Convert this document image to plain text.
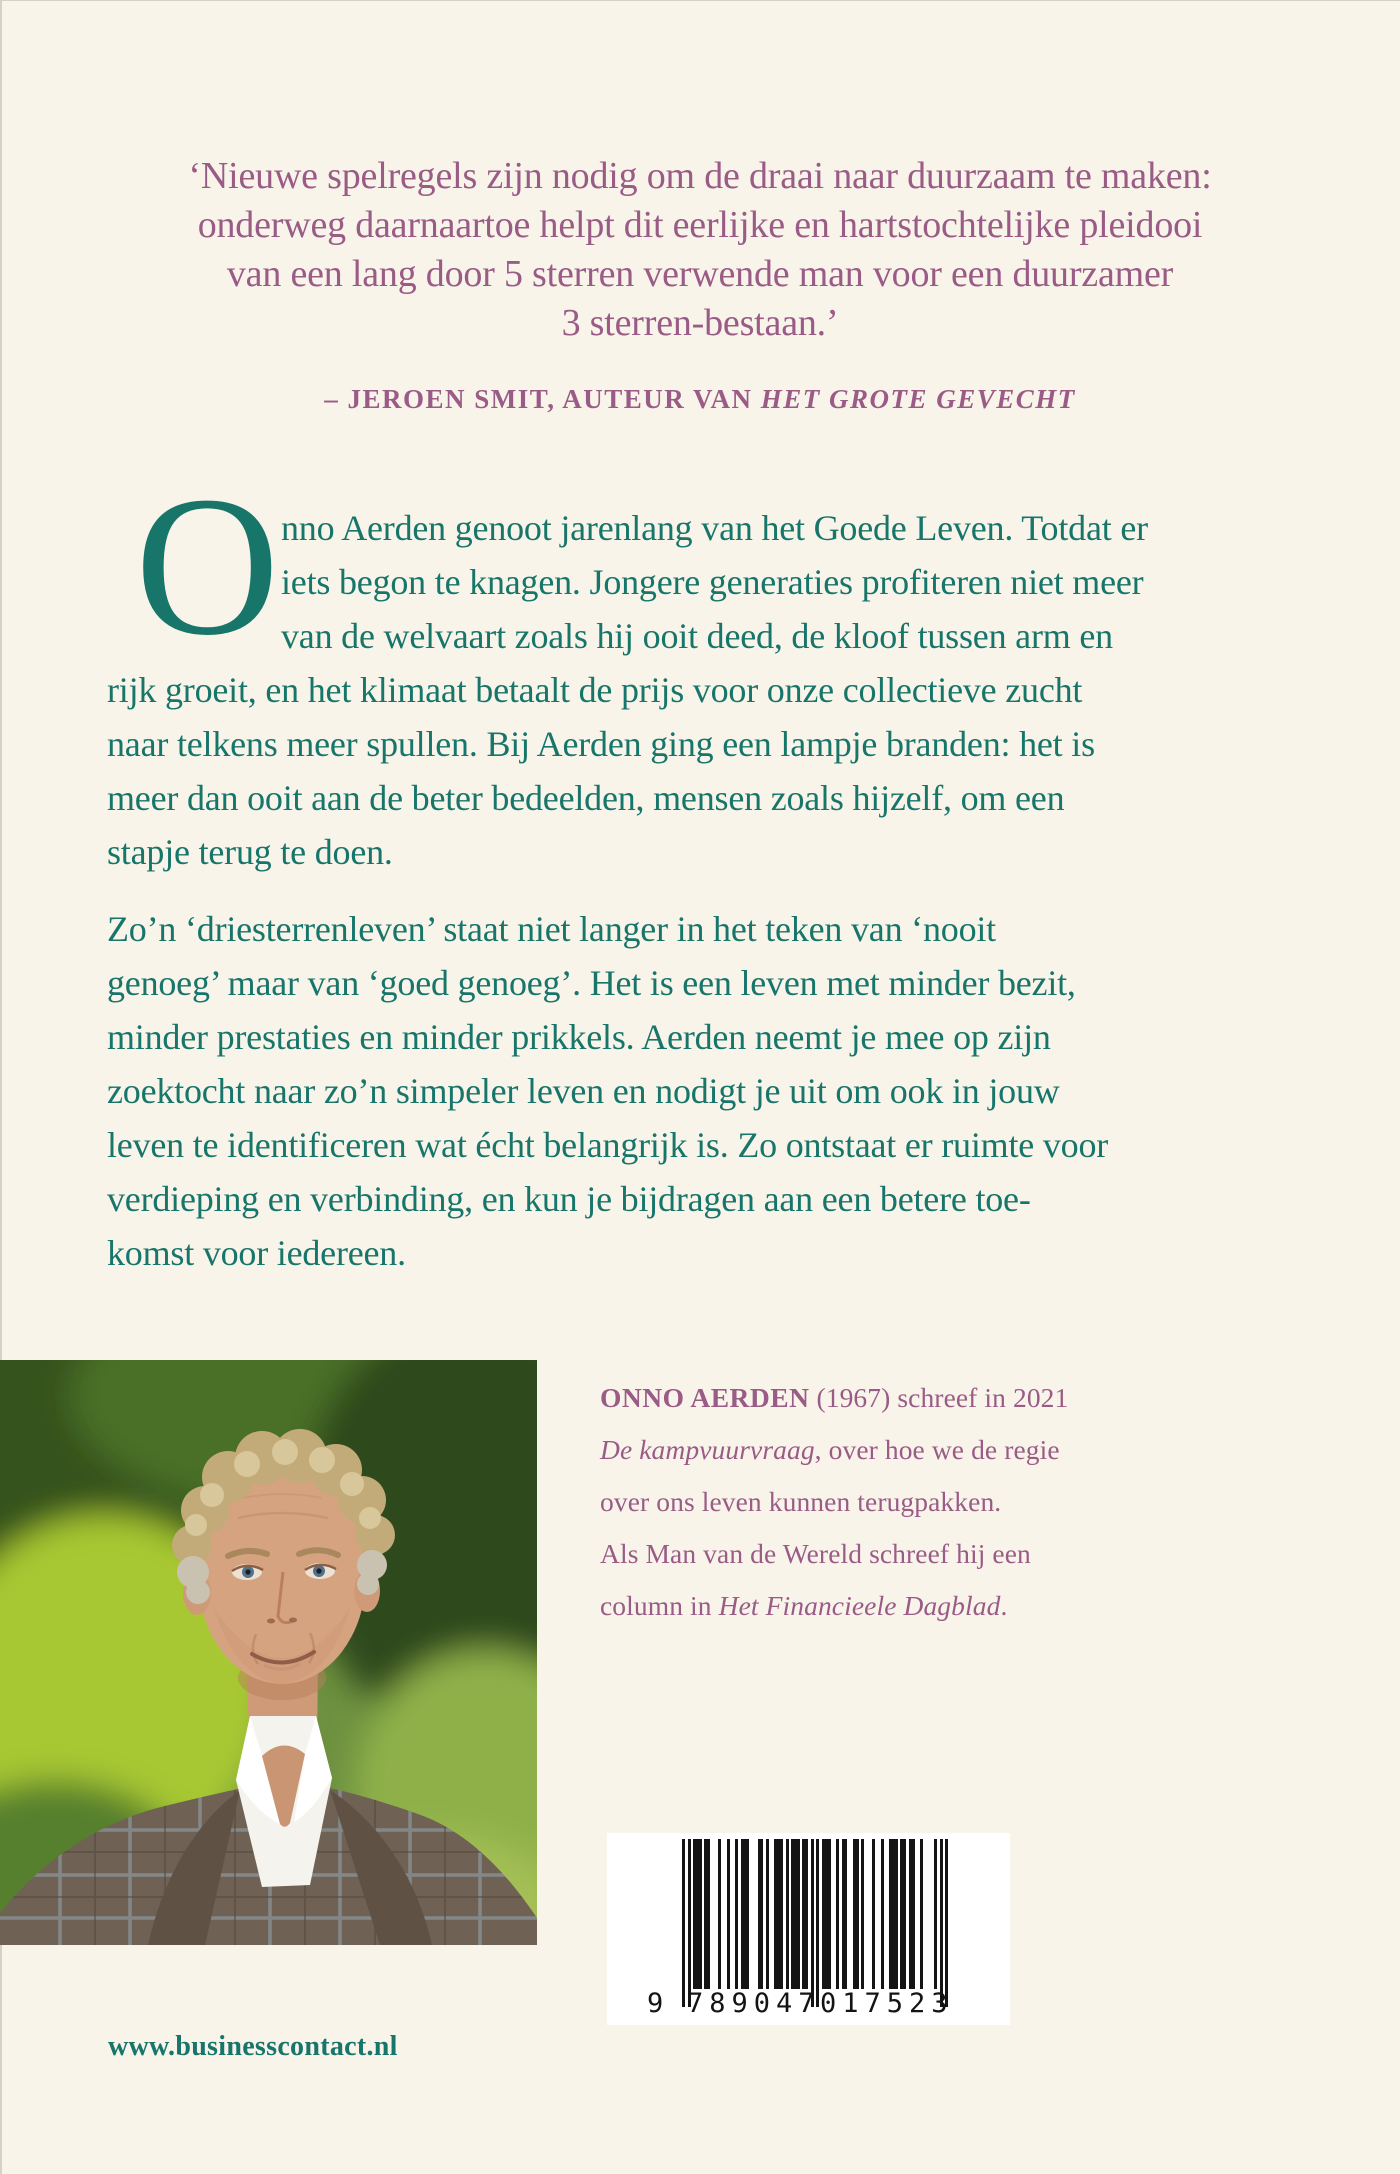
‘Nieuwe spelregels zijn nodig om de draai naar duurzaam te maken:
onderweg daarnaartoe helpt dit eerlijke en hartstochtelijke pleidooi
van een lang door 5 sterren verwende man voor een duurzamer
3 sterren-bestaan.’
– JEROEN SMIT, AUTEUR VAN HET GROTE GEVECHT
O nno Aerden genoot jarenlang van het Goede Leven. Totdat er
iets begon te knagen. Jongere generaties profiteren niet meer
van de welvaart zoals hij ooit deed, de kloof tussen arm en
rijk groeit, en het klimaat betaalt de prijs voor onze collectieve zucht
naar telkens meer spullen. Bij Aerden ging een lampje branden: het is
meer dan ooit aan de beter bedeelden, mensen zoals hijzelf, om een
stapje terug te doen.
Zo’n ‘driesterrenleven’ staat niet langer in het teken van ‘nooit
genoeg’ maar van ‘goed genoeg’. Het is een leven met minder bezit,
minder prestaties en minder prikkels. Aerden neemt je mee op zijn
zoektocht naar zo’n simpeler leven en nodigt je uit om ook in jouw
leven te identificeren wat écht belangrijk is. Zo ontstaat er ruimte voor
verdieping en verbinding, en kun je bijdragen aan een betere toe-
komst voor iedereen.
ONNO AERDEN (1967) schreef in 2021
De kampvuurvraag, over hoe we de regie
over ons leven kunnen terugpakken.
Als Man van de Wereld schreef hij een
column in Het Financieele Dagblad.
9 789047 017523
www.businesscontact.nl
